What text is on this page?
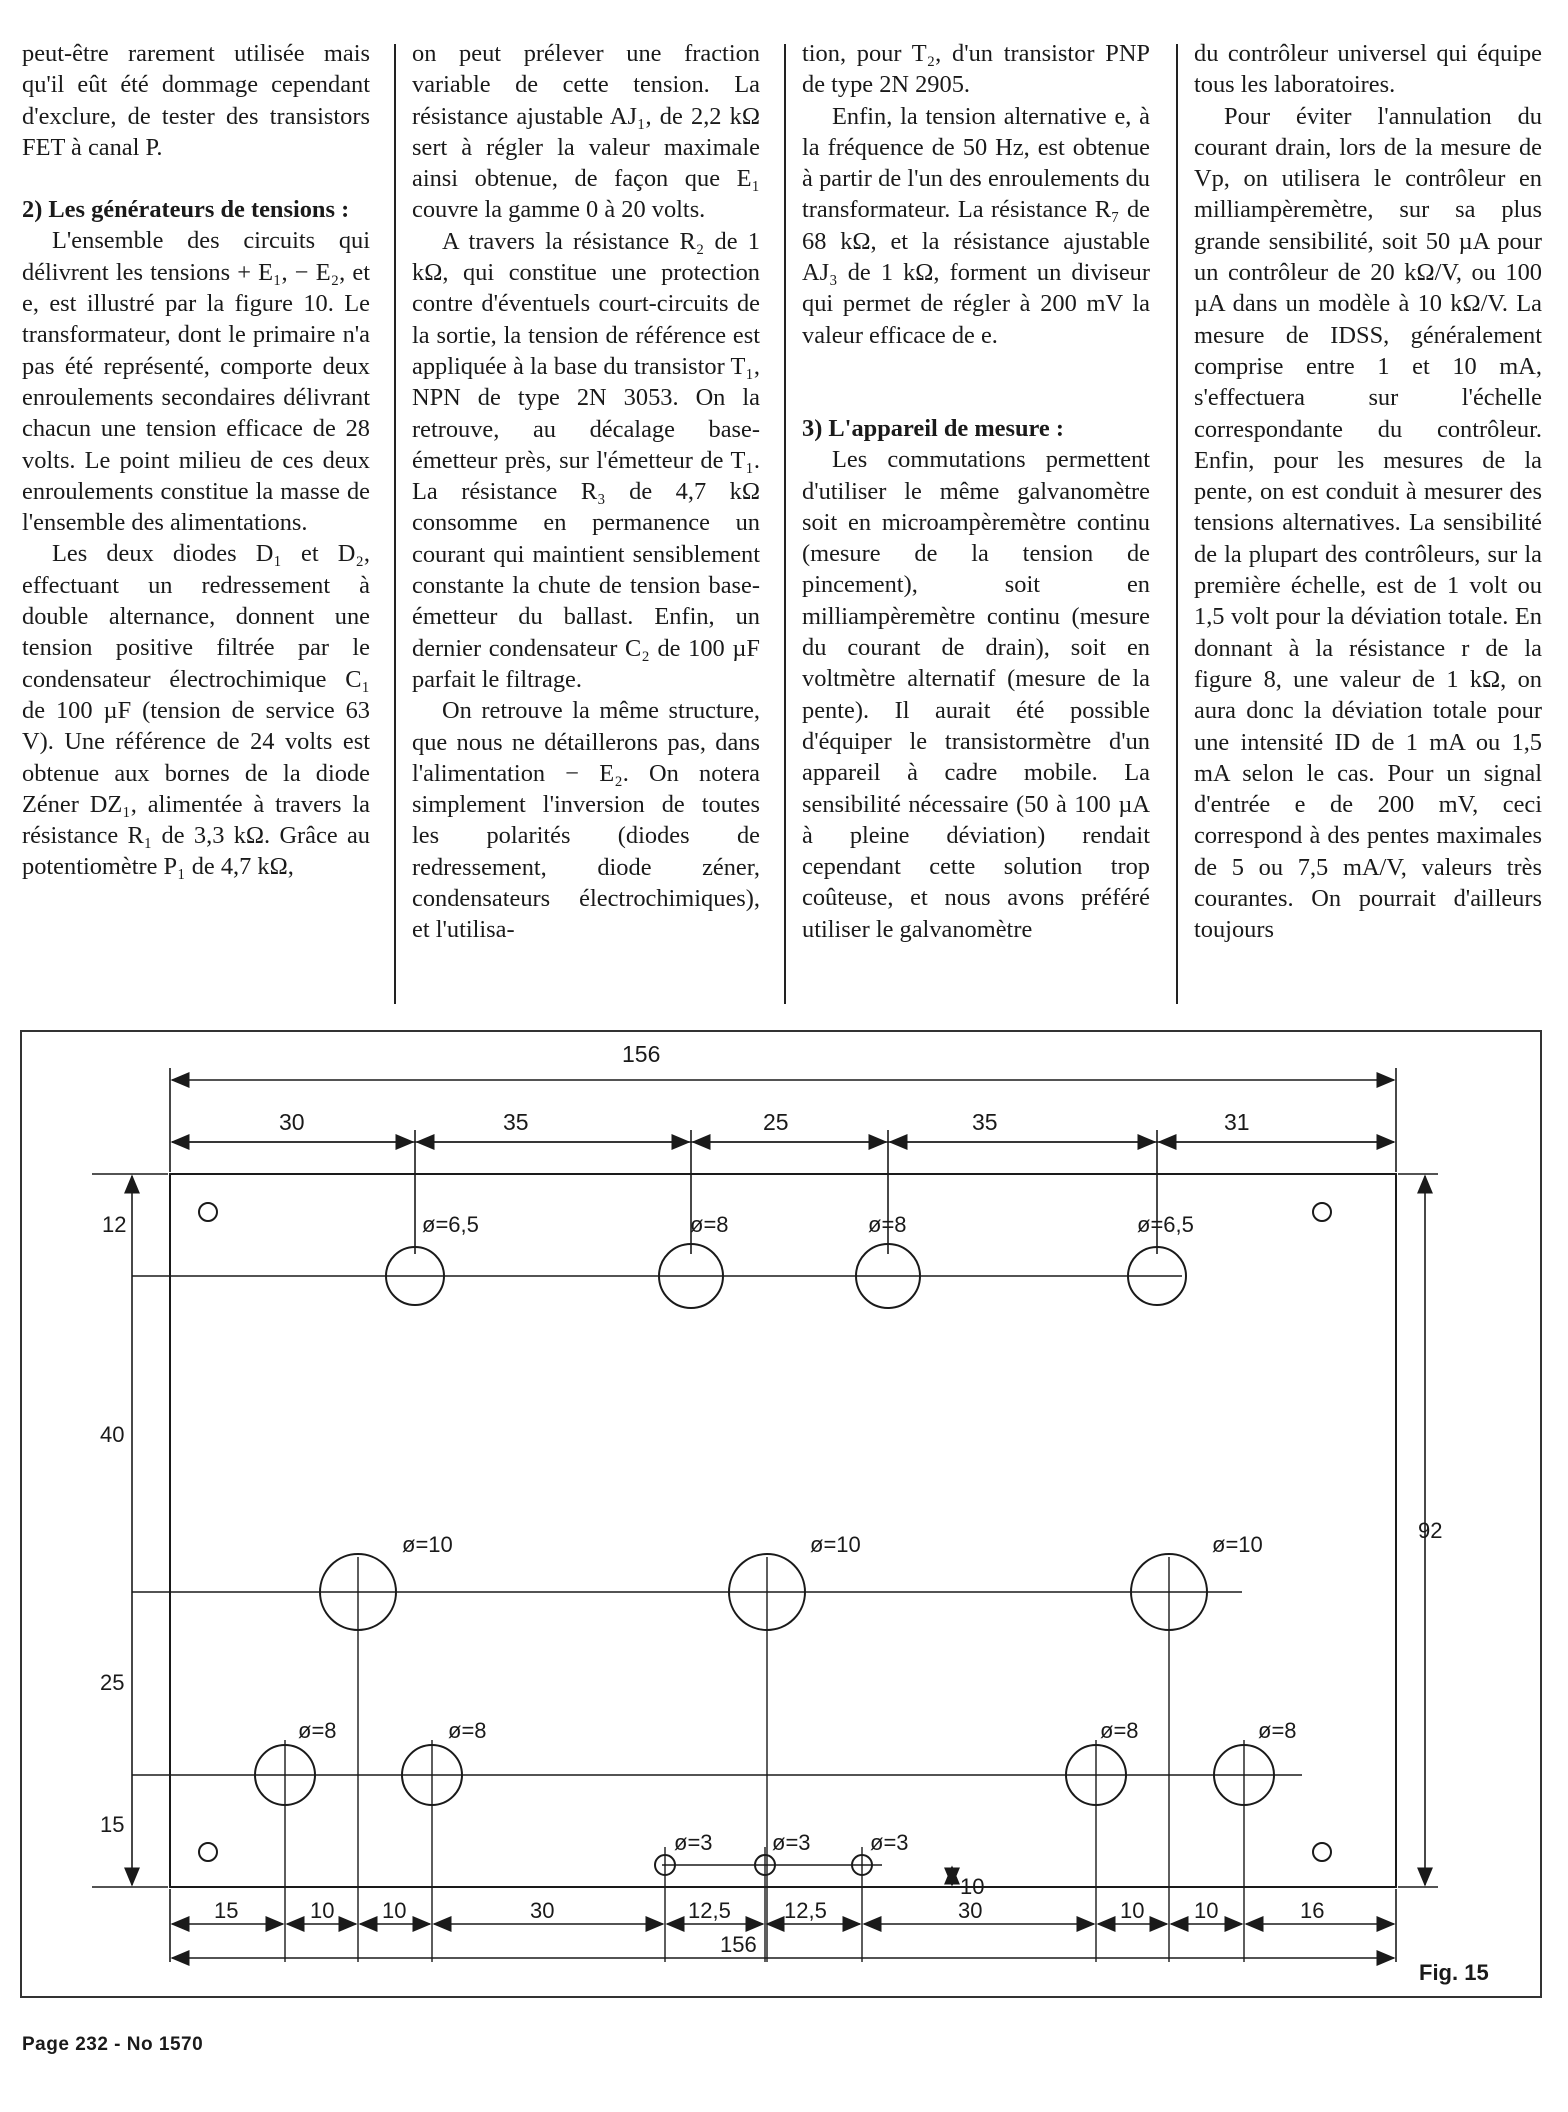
peut-être rarement utilisée mais qu'il eût été dommage cependant d'exclure, de tester des transistors FET à canal P.

2) Les générateurs de tensions :

L'ensemble des circuits qui délivrent les tensions + E₁, − E₂, et e, est illustré par la figure 10. Le transformateur, dont le primaire n'a pas été représenté, comporte deux enroulements secondaires délivrant chacun une tension efficace de 28 volts. Le point milieu de ces deux enroulements constitue la masse de l'ensemble des alimentations.

Les deux diodes D₁ et D₂, effectuant un redressement à double alternance, donnent une tension positive filtrée par le condensateur électrochimique C₁ de 100 µF (tension de service 63 V). Une référence de 24 volts est obtenue aux bornes de la diode Zéner DZ₁, alimentée à travers la résistance R₁ de 3,3 kΩ. Grâce au potentiomètre P₁ de 4,7 kΩ,

on peut prélever une fraction variable de cette tension. La résistance ajustable AJ₁, de 2,2 kΩ sert à régler la valeur maximale ainsi obtenue, de façon que E₁ couvre la gamme 0 à 20 volts.

A travers la résistance R₂ de 1 kΩ, qui constitue une protection contre d'éventuels court-circuits de la sortie, la tension de référence est appliquée à la base du transistor T₁, NPN de type 2N 3053. On la retrouve, au décalage base-émetteur près, sur l'émetteur de T₁. La résistance R₃ de 4,7 kΩ consomme en permanence un courant qui maintient sensiblement constante la chute de tension base-émetteur du ballast. Enfin, un dernier condensateur C₂ de 100 µF parfait le filtrage.

On retrouve la même structure, que nous ne détaillerons pas, dans l'alimentation − E₂. On notera simplement l'inversion de toutes les polarités (diodes de redressement, diode zéner, condensateurs électrochimiques), et l'utilisa-

tion, pour T₂, d'un transistor PNP de type 2N 2905.

Enfin, la tension alternative e, à la fréquence de 50 Hz, est obtenue à partir de l'un des enroulements du transformateur. La résistance R₇ de 68 kΩ, et la résistance ajustable AJ₃ de 1 kΩ, forment un diviseur qui permet de régler à 200 mV la valeur efficace de e.

3) L'appareil de mesure :

Les commutations permettent d'utiliser le même galvanomètre soit en microampèremètre continu (mesure de la tension de pincement), soit en milliampèremètre continu (mesure du courant de drain), soit en voltmètre alternatif (mesure de la pente). Il aurait été possible d'équiper le transistormètre d'un appareil à cadre mobile. La sensibilité nécessaire (50 à 100 µA à pleine déviation) rendait cependant cette solution trop coûteuse, et nous avons préféré utiliser le galvanomètre

du contrôleur universel qui équipe tous les laboratoires.

Pour éviter l'annulation du courant drain, lors de la mesure de Vp, on utilisera le contrôleur en milliampèremètre, sur sa plus grande sensibilité, soit 50 µA pour un contrôleur de 20 kΩ/V, ou 100 µA dans un modèle à 10 kΩ/V. La mesure de IDSS, généralement comprise entre 1 et 10 mA, s'effectuera sur l'échelle correspondante du contrôleur. Enfin, pour les mesures de la pente, on est conduit à mesurer des tensions alternatives. La sensibilité de la plupart des contrôleurs, sur la première échelle, est de 1 volt ou 1,5 volt pour la déviation totale. En donnant à la résistance r de la figure 8, une valeur de 1 kΩ, on aura donc la déviation totale pour une intensité ID de 1 mA ou 1,5 mA selon le cas. Pour un signal d'entrée e de 200 mV, ceci correspond à des pentes maximales de 5 ou 7,5 mA/V, valeurs très courantes. On pourrait d'ailleurs toujours

156
30	35	25	35	31
12
40
25
15
92
ø=6,5	ø=8	ø=8	ø=6,5
ø=10	ø=10	ø=10
ø=8	ø=8	ø=8	ø=8
ø=3	ø=3	ø=3
10
15	10 10	30	12,5 12,5	30	10 10	16
156
Fig. 15
Page 232 - No 1570
